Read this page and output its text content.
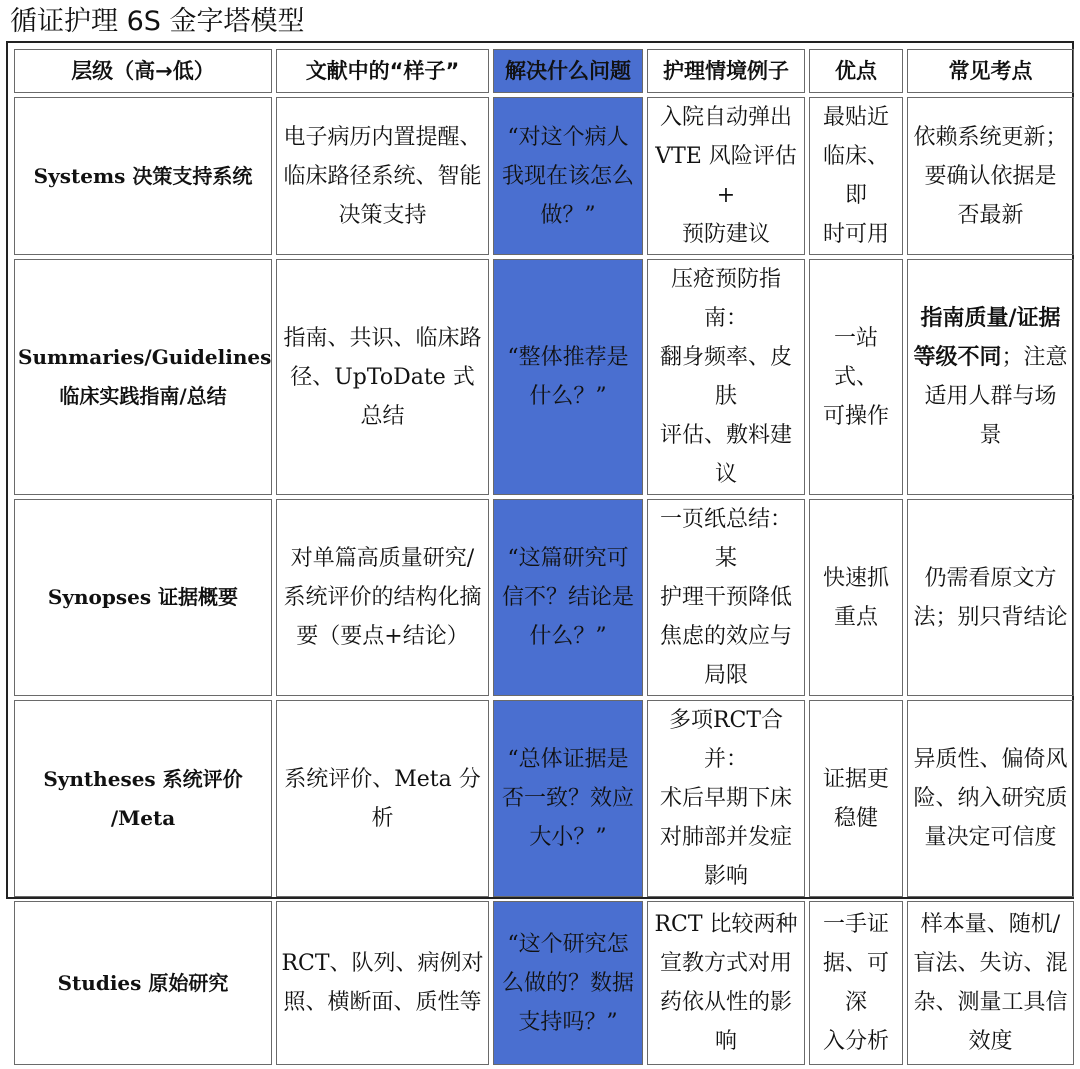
循证护理 6S 金字塔模型
层级（高→低）	文献中的“样子”	解决什么问题	护理情境例子	优点	常见考点
Systems 决策支持系统	电子病历内置提醒、
临床路径系统、智能
决策支持	“对这个病人
我现在该怎么
做？”	入院自动弹出
VTE 风险评估+
预防建议	最贴近
临床、即
时可用	依赖系统更新；
要确认依据是
否最新
Summaries/Guidelines
临床实践指南/总结	指南、共识、临床路
径、UpToDate 式总结	“整体推荐是
什么？”	压疮预防指南：
翻身频率、皮肤
评估、敷料建议	一站式、
可操作	指南质量/证据等级不同；注意
适用人群与场
景
Synopses 证据概要	对单篇高质量研究/
系统评价的结构化摘
要（要点+结论）	“这篇研究可
信不？结论是
什么？”	一页纸总结：某
护理干预降低
焦虑的效应与
局限	快速抓
重点	仍需看原文方
法；别只背结论
Syntheses 系统评价
/Meta	系统评价、Meta 分析	“总体证据是
否一致？效应
大小？”	多项RCT合并：
术后早期下床
对肺部并发症
影响	证据更
稳健	异质性、偏倚风
险、纳入研究质
量决定可信度
Studies 原始研究	RCT、队列、病例对
照、横断面、质性等	“这个研究怎
么做的？数据
支持吗？”	RCT 比较两种
宣教方式对用
药依从性的影
响	一手证
据、可深
入分析	样本量、随机/
盲法、失访、混
杂、测量工具信
效度
